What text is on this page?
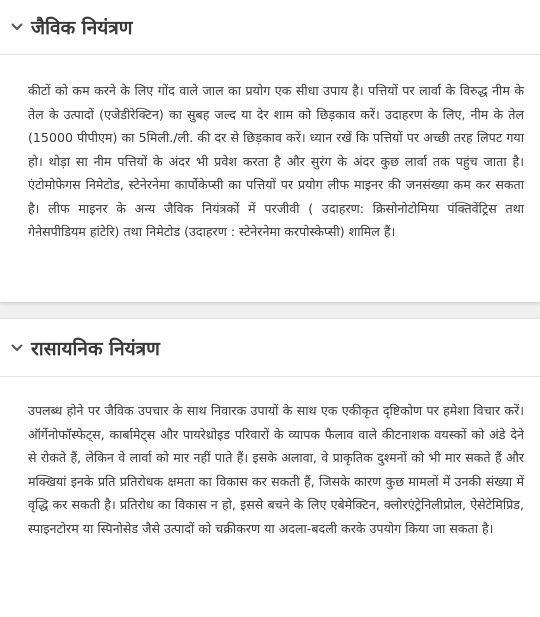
जैविक नियंत्रण

कीटों को कम करने के लिए गोंद वाले जाल का प्रयोग एक सीधा उपाय है। पत्तियों पर लार्वा के विरुद्ध नीम के तेल के उत्पादों (एजेडीरेक्टिन) का सुबह जल्द या देर शाम को छिड़काव करें। उदाहरण के लिए, नीम के तेल (15000 पीपीएम) का 5मिली./ली. की दर से छिड़काव करें। ध्यान रखें कि पत्तियों पर अच्छी तरह लिपट गया हो। थोड़ा सा नीम पत्तियों के अंदर भी प्रवेश करता है और सुरंग के अंदर कुछ लार्वा तक पहुंच जाता है। एंटोमोफेगस निमेटोड, स्टेनेरनेमा कार्पोकेप्सी का पत्तियों पर प्रयोग लीफ माइनर की जनसंख्या कम कर सकता है। लीफ माइनर के अन्य जैविक नियंत्रकों में परजीवी ( उदाहरण: क्रिसोनोटोमिया पंक्तिवेंट्रिस तथा गेनेसपीडियम हांटेरि) तथा निमेटोड (उदाहरण : स्टेनेरनेमा करपोस्केप्सी) शामिल हैं।

रासायनिक नियंत्रण

उपलब्ध होने पर जैविक उपचार के साथ निवारक उपायों के साथ एक एकीकृत दृष्टिकोण पर हमेशा विचार करें। ऑर्गेनोफॉस्फेट्स, कार्बामेट्स और पायरेथ्रोइड परिवारों के व्यापक फैलाव वाले कीटनाशक वयस्कों को अंडे देने से रोकते हैं, लेकिन वे लार्वा को मार नहीं पाते हैं। इसके अलावा, वे प्राकृतिक दुश्मनों को भी मार सकते हैं और मक्खियां इनके प्रति प्रतिरोधक क्षमता का विकास कर सकती हैं, जिसके कारण कुछ मामलों में उनकी संख्या में वृद्धि कर सकती है। प्रतिरोध का विकास न हो, इससे बचने के लिए एबेमेक्टिन, क्लोरएंट्रेनिलीप्रोल, ऐसेटेमिप्रिड, स्पाइनटोरम या स्पिनोसेड जैसे उत्पादों को चक्रीकरण या अदला-बदली करके उपयोग किया जा सकता है।
